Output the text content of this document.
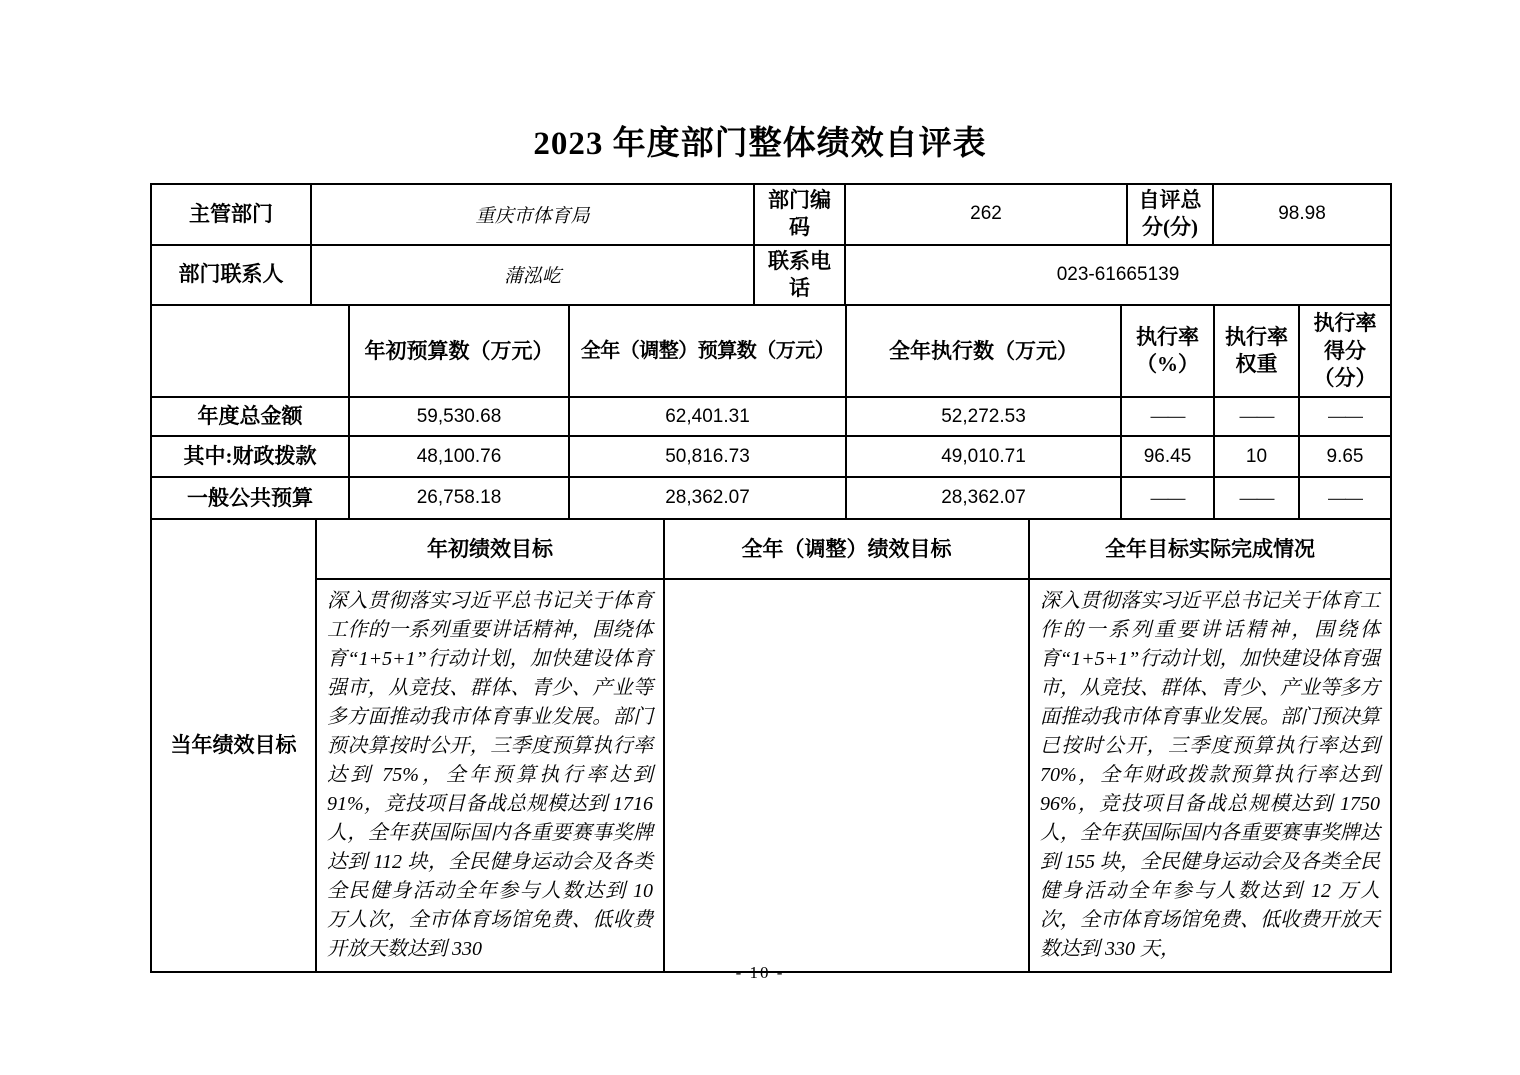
2023 年度部门整体绩效自评表
主管部门	重庆市体育局	部门编码	262	自评总分(分)	98.98
部门联系人	蒲泓屹	联系电话	023-61665139		
	年初预算数（万元）	全年（调整）预算数（万元）	全年执行数（万元）	执行率（%）	执行率权重	执行率得分（分）
年度总金额	59,530.68	62,401.31	52,272.53	——	——	——
其中:财政拨款	48,100.76	50,816.73	49,010.71	96.45	10	9.65
一般公共预算	26,758.18	28,362.07	28,362.07	——	——	——
当年绩效目标	年初绩效目标	全年（调整）绩效目标	全年目标实际完成情况
深入贯彻落实习近平总书记关于体育工作的一系列重要讲话精神，围绕体育“1+5+1”行动计划，加快建设体育强市，从竞技、群体、青少、产业等多方面推动我市体育事业发展。部门预决算按时公开，三季度预算执行率达到 75%，全年预算执行率达到 91%，竞技项目备战总规模达到 1716 人，全年获国际国内各重要赛事奖牌达到 112 块，全民健身运动会及各类全民健身活动全年参与人数达到 10 万人次，全市体育场馆免费、低收费开放天数达到 330		深入贯彻落实习近平总书记关于体育工作的一系列重要讲话精神，围绕体育“1+5+1”行动计划，加快建设体育强市，从竞技、群体、青少、产业等多方面推动我市体育事业发展。部门预决算已按时公开，三季度预算执行率达到 70%，全年财政拨款预算执行率达到 96%，竞技项目备战总规模达到 1750 人，全年获国际国内各重要赛事奖牌达到 155 块，全民健身运动会及各类全民健身活动全年参与人数达到 12 万人次，全市体育场馆免费、低收费开放天数达到 330 天，
- 10 -
